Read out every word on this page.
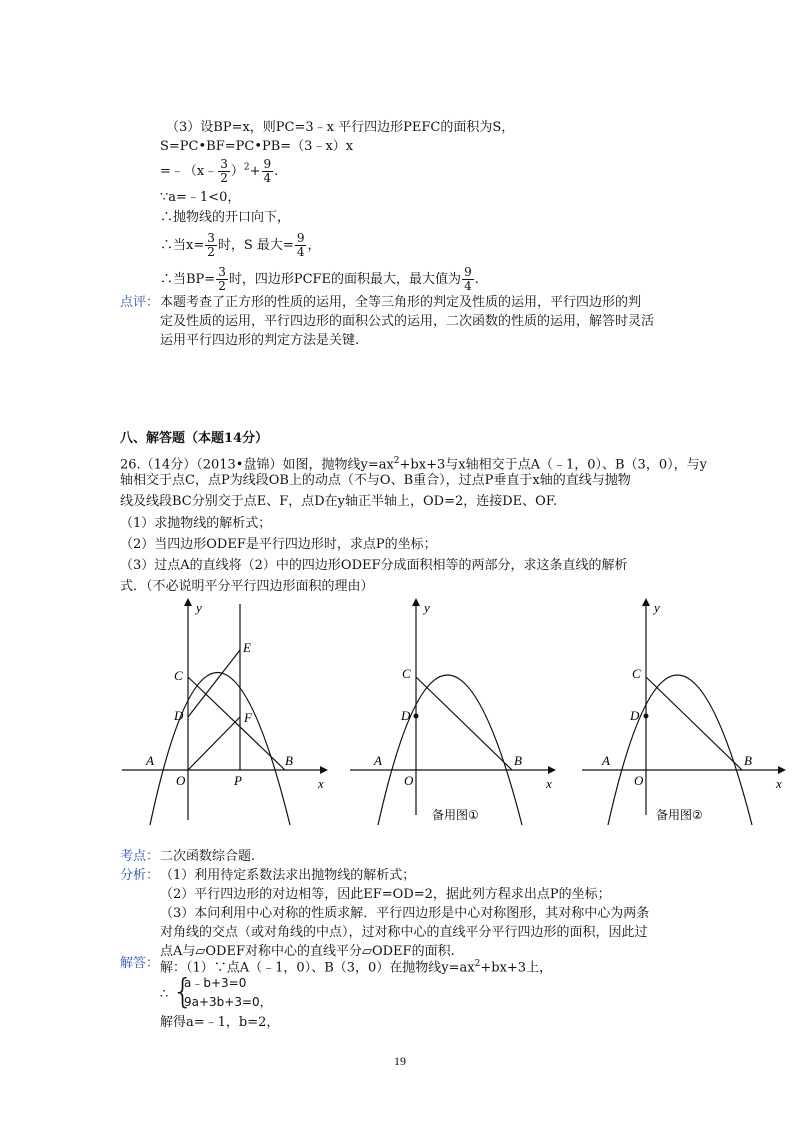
（3）设BP=x，则PC=3﹣x 平行四边形PEFC的面积为S，
S=PC•BF=PC•PB=（3﹣x）x
=﹣（x﹣ $\frac{3}{2} )^2+ \frac{9}{4}$ .
∵a=﹣1<0，
∴抛物线的开口向下，
∴当$x= \frac{3}{2}$ 时，S 最大= $\frac{9}{4}$ ，
∴当$BP= \frac{3}{2}$ 时，四边形PCFE的面积最大，最大值为 $\frac{9}{4}$ .
点评： 本题考查了正方形的性质的运用，全等三角形的判定及性质的运用，平行四边形的判
定及性质的运用，平行四边形的面积公式的运用，二次函数的性质的运用，解答时灵活
运用平行四边形的判定方法是关键.
八、解答题（本题14分）
26.（14分）（2013•盘锦）如图，抛物线$y=ax^2+bx+3$与x轴相交于点A（﹣1，0）、B（3，0），与y
轴相交于点C，点P为线段OB上的动点（不与O、B重合），过点P垂直于x轴的直线与抛物
线及线段BC分别交于点E、F，点D在y轴正半轴上，OD=2，连接DE、OF.
（1）求抛物线的解析式；
（2）当四边形ODEF是平行四边形时，求点P的坐标；
（3）过点A的直线将（2）中的四边形ODEF分成面积相等的两部分，求这条直线的解析
式．（不必说明平分平行四边形面积的理由）
y
x
O
A	B
C
D
E
F
P
y
x
O
A	B
C
D
备用图①
y
x
O
A	B
C
D
备用图②
考点： 二次函数综合题.
分析： （1）利用待定系数法求出抛物线的解析式；
（2）平行四边形的对边相等，因此EF=OD=2，据此列方程求出点P的坐标；
（3）本问利用中心对称的性质求解．平行四边形是中心对称图形，其对称中心为两条
对角线的交点（或对角线的中点），过对称中心的直线平分平行四边形的面积，因此过
点A与▱ODEF对称中心的直线平分▱ODEF的面积.
解答： 解：（1）∵点A（﹣1，0）、B（3，0）在抛物线$y=ax^2+bx+3$上，
∴ {
a﹣b+3=0
9a+3b+3=0，
解得a=﹣1，b=2，
19
